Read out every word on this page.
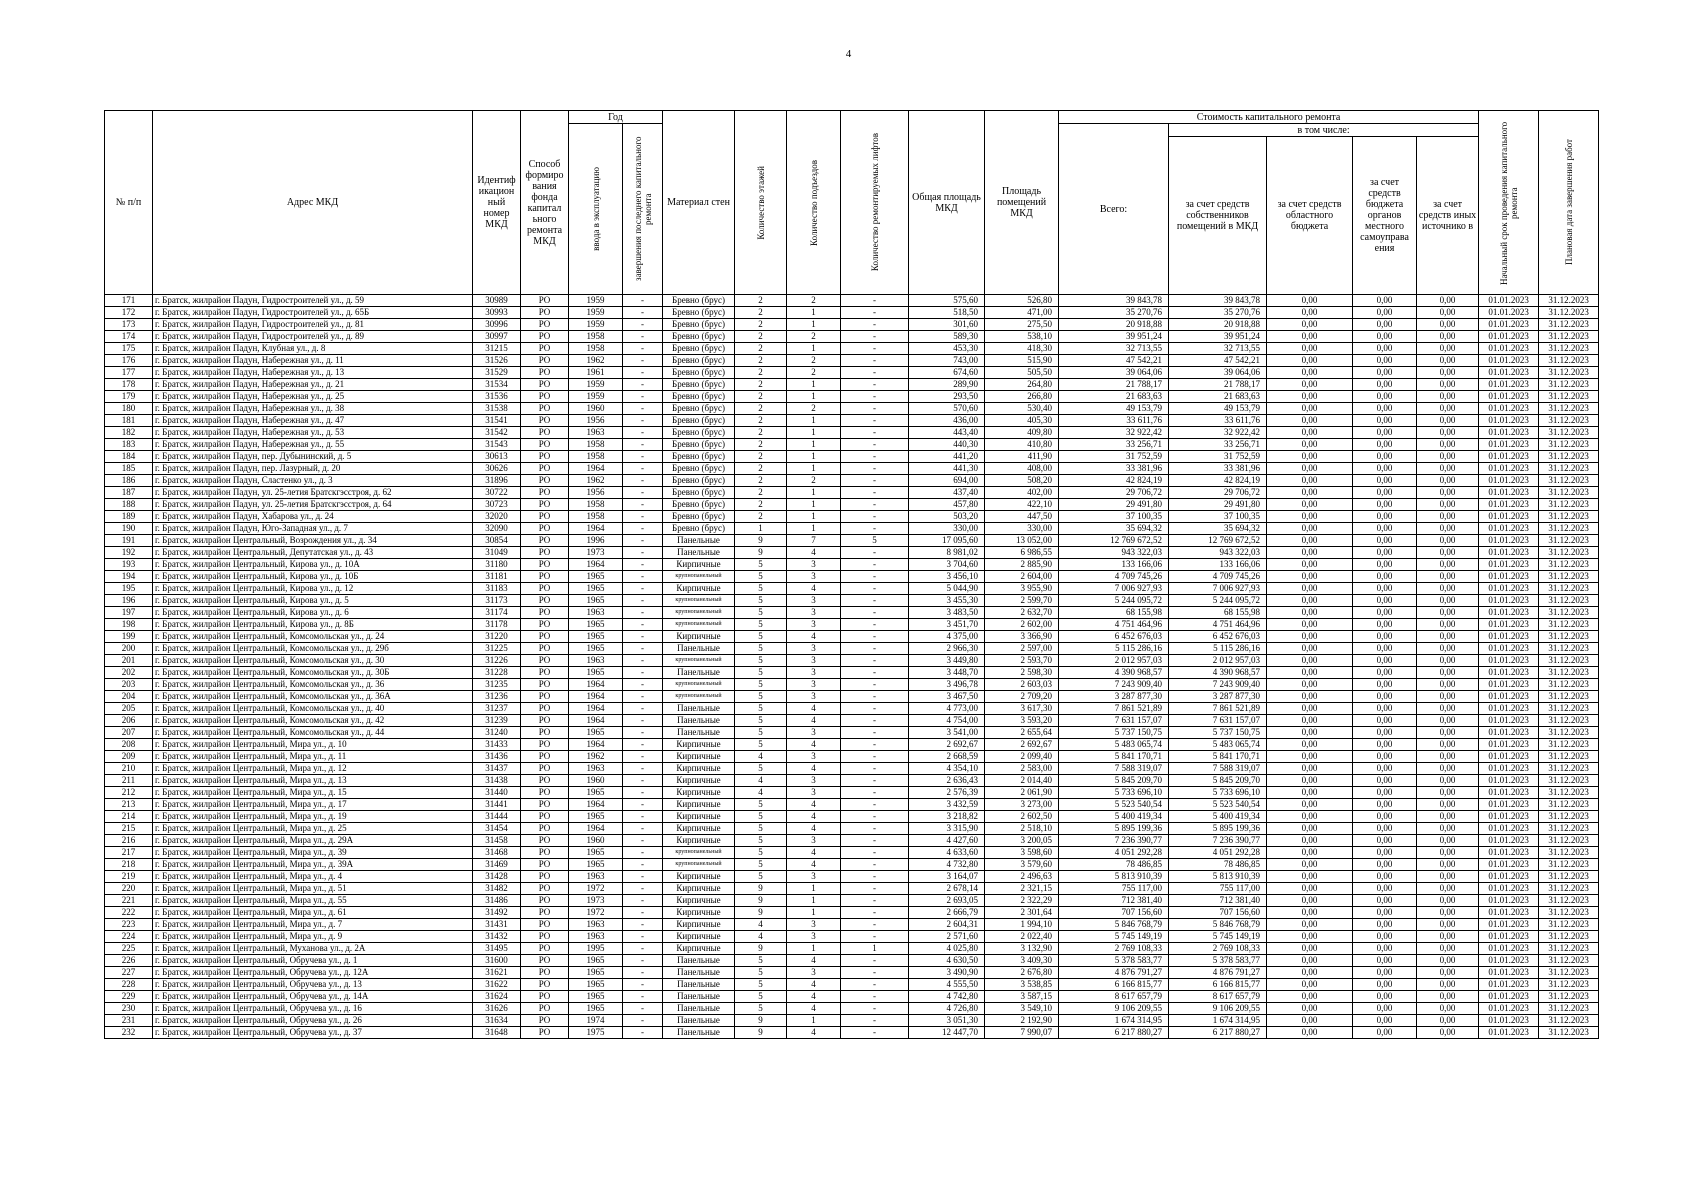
4
№ п/п	Адрес МКД	Идентиф икацион ный номер МКД	Способ формиро вания фонда капитал ьного ремонта МКД	Год		Материал стен	Количество этажей	Количество подъездов	Количество ремонтируемых лифтов	Общая площадь МКД	Площадь помещений МКД	Стоимость капитального ремонта					Начальный срок проведения капитального ремонта	Плановая дата завершения работ

				ввода в эксплуатацию	завершения последнего капитального ремонта							Всего:	в том числе:					
													за счет средств собственников помещений в МКД	за счет средств областного бюджета	за счет средств бюджета органов местного самоуправа ения	за счет средств иных источнико в		
171	г. Братск, жилрайон Падун, Гидростроителей ул., д. 59	30989	РО	1959	-	Бревно (брус)	2	2	-	575,60	526,80	39 843,78	39 843,78	0,00	0,00	0,00	01.01.2023	31.12.2023
172	г. Братск, жилрайон Падун, Гидростроителей ул., д. 65Б	30993	РО	1959	-	Бревно (брус)	2	1	-	518,50	471,00	35 270,76	35 270,76	0,00	0,00	0,00	01.01.2023	31.12.2023
173	г. Братск, жилрайон Падун, Гидростроителей ул., д. 81	30996	РО	1959	-	Бревно (брус)	2	1	-	301,60	275,50	20 918,88	20 918,88	0,00	0,00	0,00	01.01.2023	31.12.2023
174	г. Братск, жилрайон Падун, Гидростроителей ул., д. 89	30997	РО	1958	-	Бревно (брус)	2	2	-	589,30	538,10	39 951,24	39 951,24	0,00	0,00	0,00	01.01.2023	31.12.2023
175	г. Братск, жилрайон Падун, Клубная ул., д. 8	31215	РО	1958	-	Бревно (брус)	2	1	-	453,30	418,30	32 713,55	32 713,55	0,00	0,00	0,00	01.01.2023	31.12.2023
176	г. Братск, жилрайон Падун, Набережная ул., д. 11	31526	РО	1962	-	Бревно (брус)	2	2	-	743,00	515,90	47 542,21	47 542,21	0,00	0,00	0,00	01.01.2023	31.12.2023
177	г. Братск, жилрайон Падун, Набережная ул., д. 13	31529	РО	1961	-	Бревно (брус)	2	2	-	674,60	505,50	39 064,06	39 064,06	0,00	0,00	0,00	01.01.2023	31.12.2023
178	г. Братск, жилрайон Падун, Набережная ул., д. 21	31534	РО	1959	-	Бревно (брус)	2	1	-	289,90	264,80	21 788,17	21 788,17	0,00	0,00	0,00	01.01.2023	31.12.2023
179	г. Братск, жилрайон Падун, Набережная ул., д. 25	31536	РО	1959	-	Бревно (брус)	2	1	-	293,50	266,80	21 683,63	21 683,63	0,00	0,00	0,00	01.01.2023	31.12.2023
180	г. Братск, жилрайон Падун, Набережная ул., д. 38	31538	РО	1960	-	Бревно (брус)	2	2	-	570,60	530,40	49 153,79	49 153,79	0,00	0,00	0,00	01.01.2023	31.12.2023
181	г. Братск, жилрайон Падун, Набережная ул., д. 47	31541	РО	1956	-	Бревно (брус)	2	1	-	436,00	405,30	33 611,76	33 611,76	0,00	0,00	0,00	01.01.2023	31.12.2023
182	г. Братск, жилрайон Падун, Набережная ул., д. 53	31542	РО	1963	-	Бревно (брус)	2	1	-	443,40	409,80	32 922,42	32 922,42	0,00	0,00	0,00	01.01.2023	31.12.2023
183	г. Братск, жилрайон Падун, Набережная ул., д. 55	31543	РО	1958	-	Бревно (брус)	2	1	-	440,30	410,80	33 256,71	33 256,71	0,00	0,00	0,00	01.01.2023	31.12.2023
184	г. Братск, жилрайон Падун, пер. Дубынинский, д. 5	30613	РО	1958	-	Бревно (брус)	2	1	-	441,20	411,90	31 752,59	31 752,59	0,00	0,00	0,00	01.01.2023	31.12.2023
185	г. Братск, жилрайон Падун, пер. Лазурный, д. 20	30626	РО	1964	-	Бревно (брус)	2	1	-	441,30	408,00	33 381,96	33 381,96	0,00	0,00	0,00	01.01.2023	31.12.2023
186	г. Братск, жилрайон Падун, Сластенко ул., д. 3	31896	РО	1962	-	Бревно (брус)	2	2	-	694,00	508,20	42 824,19	42 824,19	0,00	0,00	0,00	01.01.2023	31.12.2023
187	г. Братск, жилрайон Падун, ул. 25-летия Братскгэсстроя, д. 62	30722	РО	1956	-	Бревно (брус)	2	1	-	437,40	402,00	29 706,72	29 706,72	0,00	0,00	0,00	01.01.2023	31.12.2023
188	г. Братск, жилрайон Падун, ул. 25-летия Братскгэсстроя, д. 64	30723	РО	1958	-	Бревно (брус)	2	1	-	457,80	422,10	29 491,80	29 491,80	0,00	0,00	0,00	01.01.2023	31.12.2023
189	г. Братск, жилрайон Падун, Хабарова ул., д. 24	32020	РО	1958	-	Бревно (брус)	2	1	-	503,20	447,50	37 100,35	37 100,35	0,00	0,00	0,00	01.01.2023	31.12.2023
190	г. Братск, жилрайон Падун, Юго-Западная ул., д. 7	32090	РО	1964	-	Бревно (брус)	1	1	-	330,00	330,00	35 694,32	35 694,32	0,00	0,00	0,00	01.01.2023	31.12.2023
191	г. Братск, жилрайон Центральный, Возрождения ул., д. 34	30854	РО	1996	-	Панельные	9	7	5	17 095,60	13 052,00	12 769 672,52	12 769 672,52	0,00	0,00	0,00	01.01.2023	31.12.2023
192	г. Братск, жилрайон Центральный, Депутатская ул., д. 43	31049	РО	1973	-	Панельные	9	4	-	8 981,02	6 986,55	943 322,03	943 322,03	0,00	0,00	0,00	01.01.2023	31.12.2023
193	г. Братск, жилрайон Центральный, Кирова ул., д. 10А	31180	РО	1964	-	Кирпичные	5	3	-	3 704,60	2 885,90	133 166,06	133 166,06	0,00	0,00	0,00	01.01.2023	31.12.2023
194	г. Братск, жилрайон Центральный, Кирова ул., д. 10Б	31181	РО	1965	-	крупнопанельный	5	3	-	3 456,10	2 604,00	4 709 745,26	4 709 745,26	0,00	0,00	0,00	01.01.2023	31.12.2023
195	г. Братск, жилрайон Центральный, Кирова ул., д. 12	31183	РО	1965	-	Кирпичные	5	4	-	5 044,90	3 955,90	7 006 927,93	7 006 927,93	0,00	0,00	0,00	01.01.2023	31.12.2023
196	г. Братск, жилрайон Центральный, Кирова ул., д. 5	31173	РО	1965	-	крупнопанельный	5	3	-	3 455,30	2 599,70	5 244 095,72	5 244 095,72	0,00	0,00	0,00	01.01.2023	31.12.2023
197	г. Братск, жилрайон Центральный, Кирова ул., д. 6	31174	РО	1963	-	крупнопанельный	5	3	-	3 483,50	2 632,70	68 155,98	68 155,98	0,00	0,00	0,00	01.01.2023	31.12.2023
198	г. Братск, жилрайон Центральный, Кирова ул., д. 8Б	31178	РО	1965	-	крупнопанельный	5	3	-	3 451,70	2 602,00	4 751 464,96	4 751 464,96	0,00	0,00	0,00	01.01.2023	31.12.2023
199	г. Братск, жилрайон Центральный, Комсомольская ул., д. 24	31220	РО	1965	-	Кирпичные	5	4	-	4 375,00	3 366,90	6 452 676,03	6 452 676,03	0,00	0,00	0,00	01.01.2023	31.12.2023
200	г. Братск, жилрайон Центральный, Комсомольская ул., д. 29б	31225	РО	1965	-	Панельные	5	3	-	2 966,30	2 597,00	5 115 286,16	5 115 286,16	0,00	0,00	0,00	01.01.2023	31.12.2023
201	г. Братск, жилрайон Центральный, Комсомольская ул., д. 30	31226	РО	1963	-	крупнопанельный	5	3	-	3 449,80	2 593,70	2 012 957,03	2 012 957,03	0,00	0,00	0,00	01.01.2023	31.12.2023
202	г. Братск, жилрайон Центральный, Комсомольская ул., д. 30Б	31228	РО	1965	-	Панельные	5	3	-	3 448,70	2 598,30	4 390 968,57	4 390 968,57	0,00	0,00	0,00	01.01.2023	31.12.2023
203	г. Братск, жилрайон Центральный, Комсомольская ул., д. 36	31235	РО	1964	-	крупнопанельный	5	3	-	3 496,78	2 603,03	7 243 909,40	7 243 909,40	0,00	0,00	0,00	01.01.2023	31.12.2023
204	г. Братск, жилрайон Центральный, Комсомольская ул., д. 36А	31236	РО	1964	-	крупнопанельный	5	3	-	3 467,50	2 709,20	3 287 877,30	3 287 877,30	0,00	0,00	0,00	01.01.2023	31.12.2023
205	г. Братск, жилрайон Центральный, Комсомольская ул., д. 40	31237	РО	1964	-	Панельные	5	4	-	4 773,00	3 617,30	7 861 521,89	7 861 521,89	0,00	0,00	0,00	01.01.2023	31.12.2023
206	г. Братск, жилрайон Центральный, Комсомольская ул., д. 42	31239	РО	1964	-	Панельные	5	4	-	4 754,00	3 593,20	7 631 157,07	7 631 157,07	0,00	0,00	0,00	01.01.2023	31.12.2023
207	г. Братск, жилрайон Центральный, Комсомольская ул., д. 44	31240	РО	1965	-	Панельные	5	3	-	3 541,00	2 655,64	5 737 150,75	5 737 150,75	0,00	0,00	0,00	01.01.2023	31.12.2023
208	г. Братск, жилрайон Центральный, Мира ул., д. 10	31433	РО	1964	-	Кирпичные	5	4	-	2 692,67	2 692,67	5 483 065,74	5 483 065,74	0,00	0,00	0,00	01.01.2023	31.12.2023
209	г. Братск, жилрайон Центральный, Мира ул., д. 11	31436	РО	1962	-	Кирпичные	4	3	-	2 668,59	2 099,40	5 841 170,71	5 841 170,71	0,00	0,00	0,00	01.01.2023	31.12.2023
210	г. Братск, жилрайон Центральный, Мира ул., д. 12	31437	РО	1963	-	Кирпичные	5	4	-	4 354,10	2 583,00	7 588 319,07	7 588 319,07	0,00	0,00	0,00	01.01.2023	31.12.2023
211	г. Братск, жилрайон Центральный, Мира ул., д. 13	31438	РО	1960	-	Кирпичные	4	3	-	2 636,43	2 014,40	5 845 209,70	5 845 209,70	0,00	0,00	0,00	01.01.2023	31.12.2023
212	г. Братск, жилрайон Центральный, Мира ул., д. 15	31440	РО	1965	-	Кирпичные	4	3	-	2 576,39	2 061,90	5 733 696,10	5 733 696,10	0,00	0,00	0,00	01.01.2023	31.12.2023
213	г. Братск, жилрайон Центральный, Мира ул., д. 17	31441	РО	1964	-	Кирпичные	5	4	-	3 432,59	3 273,00	5 523 540,54	5 523 540,54	0,00	0,00	0,00	01.01.2023	31.12.2023
214	г. Братск, жилрайон Центральный, Мира ул., д. 19	31444	РО	1965	-	Кирпичные	5	4	-	3 218,82	2 602,50	5 400 419,34	5 400 419,34	0,00	0,00	0,00	01.01.2023	31.12.2023
215	г. Братск, жилрайон Центральный, Мира ул., д. 25	31454	РО	1964	-	Кирпичные	5	4	-	3 315,90	2 518,10	5 895 199,36	5 895 199,36	0,00	0,00	0,00	01.01.2023	31.12.2023
216	г. Братск, жилрайон Центральный, Мира ул., д. 29А	31458	РО	1960	-	Кирпичные	5	3	-	4 427,60	3 200,05	7 236 390,77	7 236 390,77	0,00	0,00	0,00	01.01.2023	31.12.2023
217	г. Братск, жилрайон Центральный, Мира ул., д. 39	31468	РО	1965	-	крупнопанельный	5	4	-	4 633,60	3 598,60	4 051 292,28	4 051 292,28	0,00	0,00	0,00	01.01.2023	31.12.2023
218	г. Братск, жилрайон Центральный, Мира ул., д. 39А	31469	РО	1965	-	крупнопанельный	5	4	-	4 732,80	3 579,60	78 486,85	78 486,85	0,00	0,00	0,00	01.01.2023	31.12.2023
219	г. Братск, жилрайон Центральный, Мира ул., д. 4	31428	РО	1963	-	Кирпичные	5	3	-	3 164,07	2 496,63	5 813 910,39	5 813 910,39	0,00	0,00	0,00	01.01.2023	31.12.2023
220	г. Братск, жилрайон Центральный, Мира ул., д. 51	31482	РО	1972	-	Кирпичные	9	1	-	2 678,14	2 321,15	755 117,00	755 117,00	0,00	0,00	0,00	01.01.2023	31.12.2023
221	г. Братск, жилрайон Центральный, Мира ул., д. 55	31486	РО	1973	-	Кирпичные	9	1	-	2 693,05	2 322,29	712 381,40	712 381,40	0,00	0,00	0,00	01.01.2023	31.12.2023
222	г. Братск, жилрайон Центральный, Мира ул., д. 61	31492	РО	1972	-	Кирпичные	9	1	-	2 666,79	2 301,64	707 156,60	707 156,60	0,00	0,00	0,00	01.01.2023	31.12.2023
223	г. Братск, жилрайон Центральный, Мира ул., д. 7	31431	РО	1963	-	Кирпичные	4	3	-	2 604,31	1 994,10	5 846 768,79	5 846 768,79	0,00	0,00	0,00	01.01.2023	31.12.2023
224	г. Братск, жилрайон Центральный, Мира ул., д. 9	31432	РО	1963	-	Кирпичные	4	3	-	2 571,60	2 022,40	5 745 149,19	5 745 149,19	0,00	0,00	0,00	01.01.2023	31.12.2023
225	г. Братск, жилрайон Центральный, Муханова ул., д. 2А	31495	РО	1995	-	Кирпичные	9	1	1	4 025,80	3 132,90	2 769 108,33	2 769 108,33	0,00	0,00	0,00	01.01.2023	31.12.2023
226	г. Братск, жилрайон Центральный, Обручева ул., д. 1	31600	РО	1965	-	Панельные	5	4	-	4 630,50	3 409,30	5 378 583,77	5 378 583,77	0,00	0,00	0,00	01.01.2023	31.12.2023
227	г. Братск, жилрайон Центральный, Обручева ул., д. 12А	31621	РО	1965	-	Панельные	5	3	-	3 490,90	2 676,80	4 876 791,27	4 876 791,27	0,00	0,00	0,00	01.01.2023	31.12.2023
228	г. Братск, жилрайон Центральный, Обручева ул., д. 13	31622	РО	1965	-	Панельные	5	4	-	4 555,50	3 538,85	6 166 815,77	6 166 815,77	0,00	0,00	0,00	01.01.2023	31.12.2023
229	г. Братск, жилрайон Центральный, Обручева ул., д. 14А	31624	РО	1965	-	Панельные	5	4	-	4 742,80	3 587,15	8 617 657,79	8 617 657,79	0,00	0,00	0,00	01.01.2023	31.12.2023
230	г. Братск, жилрайон Центральный, Обручева ул., д. 16	31626	РО	1965	-	Панельные	5	4	-	4 726,80	3 549,10	9 106 209,55	9 106 209,55	0,00	0,00	0,00	01.01.2023	31.12.2023
231	г. Братск, жилрайон Центральный, Обручева ул., д. 26	31634	РО	1974	-	Панельные	9	1	-	3 051,30	2 192,90	1 674 314,95	1 674 314,95	0,00	0,00	0,00	01.01.2023	31.12.2023
232	г. Братск, жилрайон Центральный, Обручева ул., д. 37	31648	РО	1975	-	Панельные	9	4	-	12 447,70	7 990,07	6 217 880,27	6 217 880,27	0,00	0,00	0,00	01.01.2023	31.12.2023
